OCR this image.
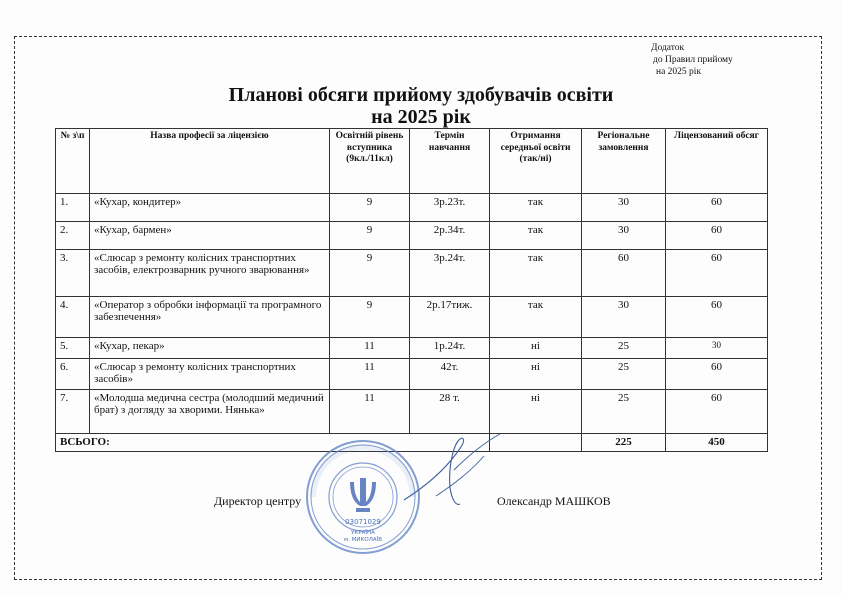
Додаток
до Правил прийому
на 2025 рік
Планові обсяги прийому здобувачів освіти
на 2025 рік
№ з\п	Назва професії за ліцензією	Освітній рівень вступника (9кл./11кл)	Термін навчання	Отримання середньої освіти (так/ні)	Регіональне замовлення	Ліцензований обсяг
1.	«Кухар, кондитер»	9	3р.23т.	так	30	60
2.	«Кухар, бармен»	9	2р.34т.	так	30	60
3.	«Слюсар з ремонту колісних транспортних засобів, електрозварник ручного зварювання»	9	3р.24т.	так	60	60
4.	«Оператор з обробки інформації та програмного забезпечення»	9	2р.17тиж.	так	30	60
5.	«Кухар, пекар»	11	1р.24т.	ні	25	30
6.	«Слюсар з ремонту колісних транспортних засобів»	11	42т.	ні	25	60
7.	«Молодша медична сестра (молодший медичний брат) з догляду за хворими. Нянька»	11	28 т.	ні	25	60
ВСЬОГО:					225	450
03071029
УКРАЇНА
м. МИКОЛАЇВ
Директор центру	Олександр МАШКОВ
